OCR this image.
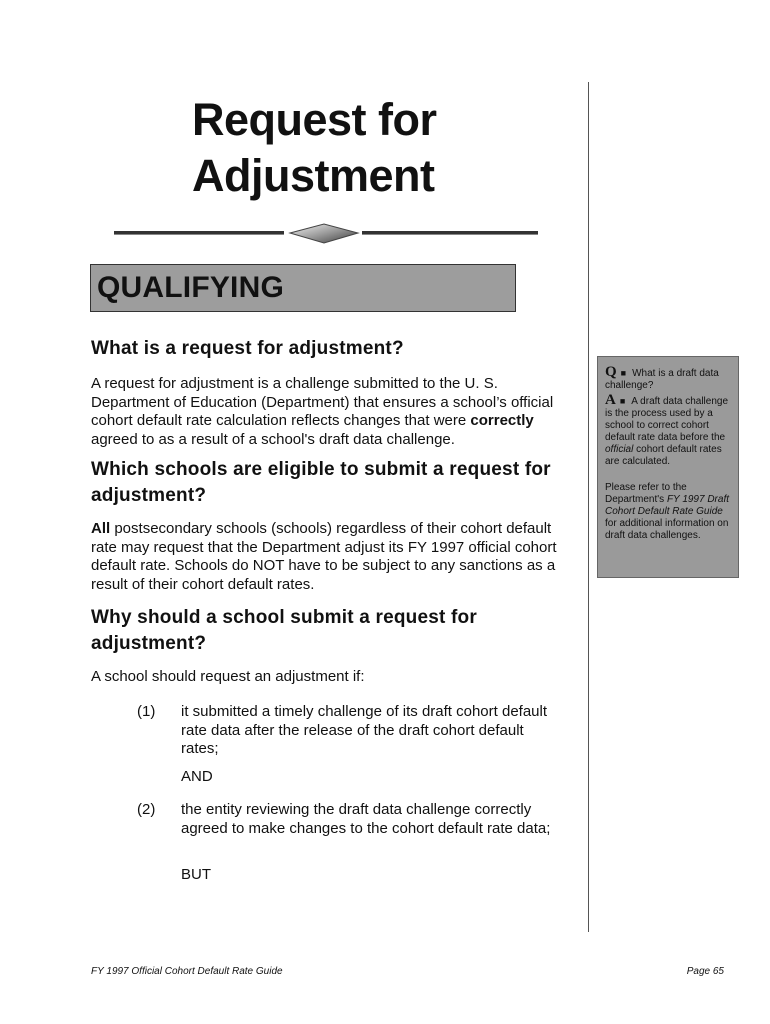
Request for
Adjustment
QUALIFYING
What is a request for adjustment?
A request for adjustment is a challenge submitted to the U. S. Department of Education (Department) that ensures a school’s official cohort default rate calculation reflects changes that were correctly agreed to as a result of a school's draft data challenge.
Which schools are eligible to submit a request for adjustment?
All postsecondary schools (schools) regardless of their cohort default rate may request that the Department adjust its FY 1997 official cohort default rate. Schools do NOT have to be subject to any sanctions as a result of their cohort default rates.
Why should a school submit a request for adjustment?
A school should request an adjustment if:
(1) it submitted a timely challenge of its draft cohort default rate data after the release of the draft cohort default rates;
AND
(2) the entity reviewing the draft data challenge correctly agreed to make changes to the cohort default rate data;
BUT
Q ■ What is a draft data challenge?
A ■ A draft data challenge is the process used by a school to correct cohort default rate data before the official cohort default rates are calculated.
Please refer to the Department's FY 1997 Draft Cohort Default Rate Guide for additional information on draft data challenges.
FY 1997 Official Cohort Default Rate Guide	Page 65
